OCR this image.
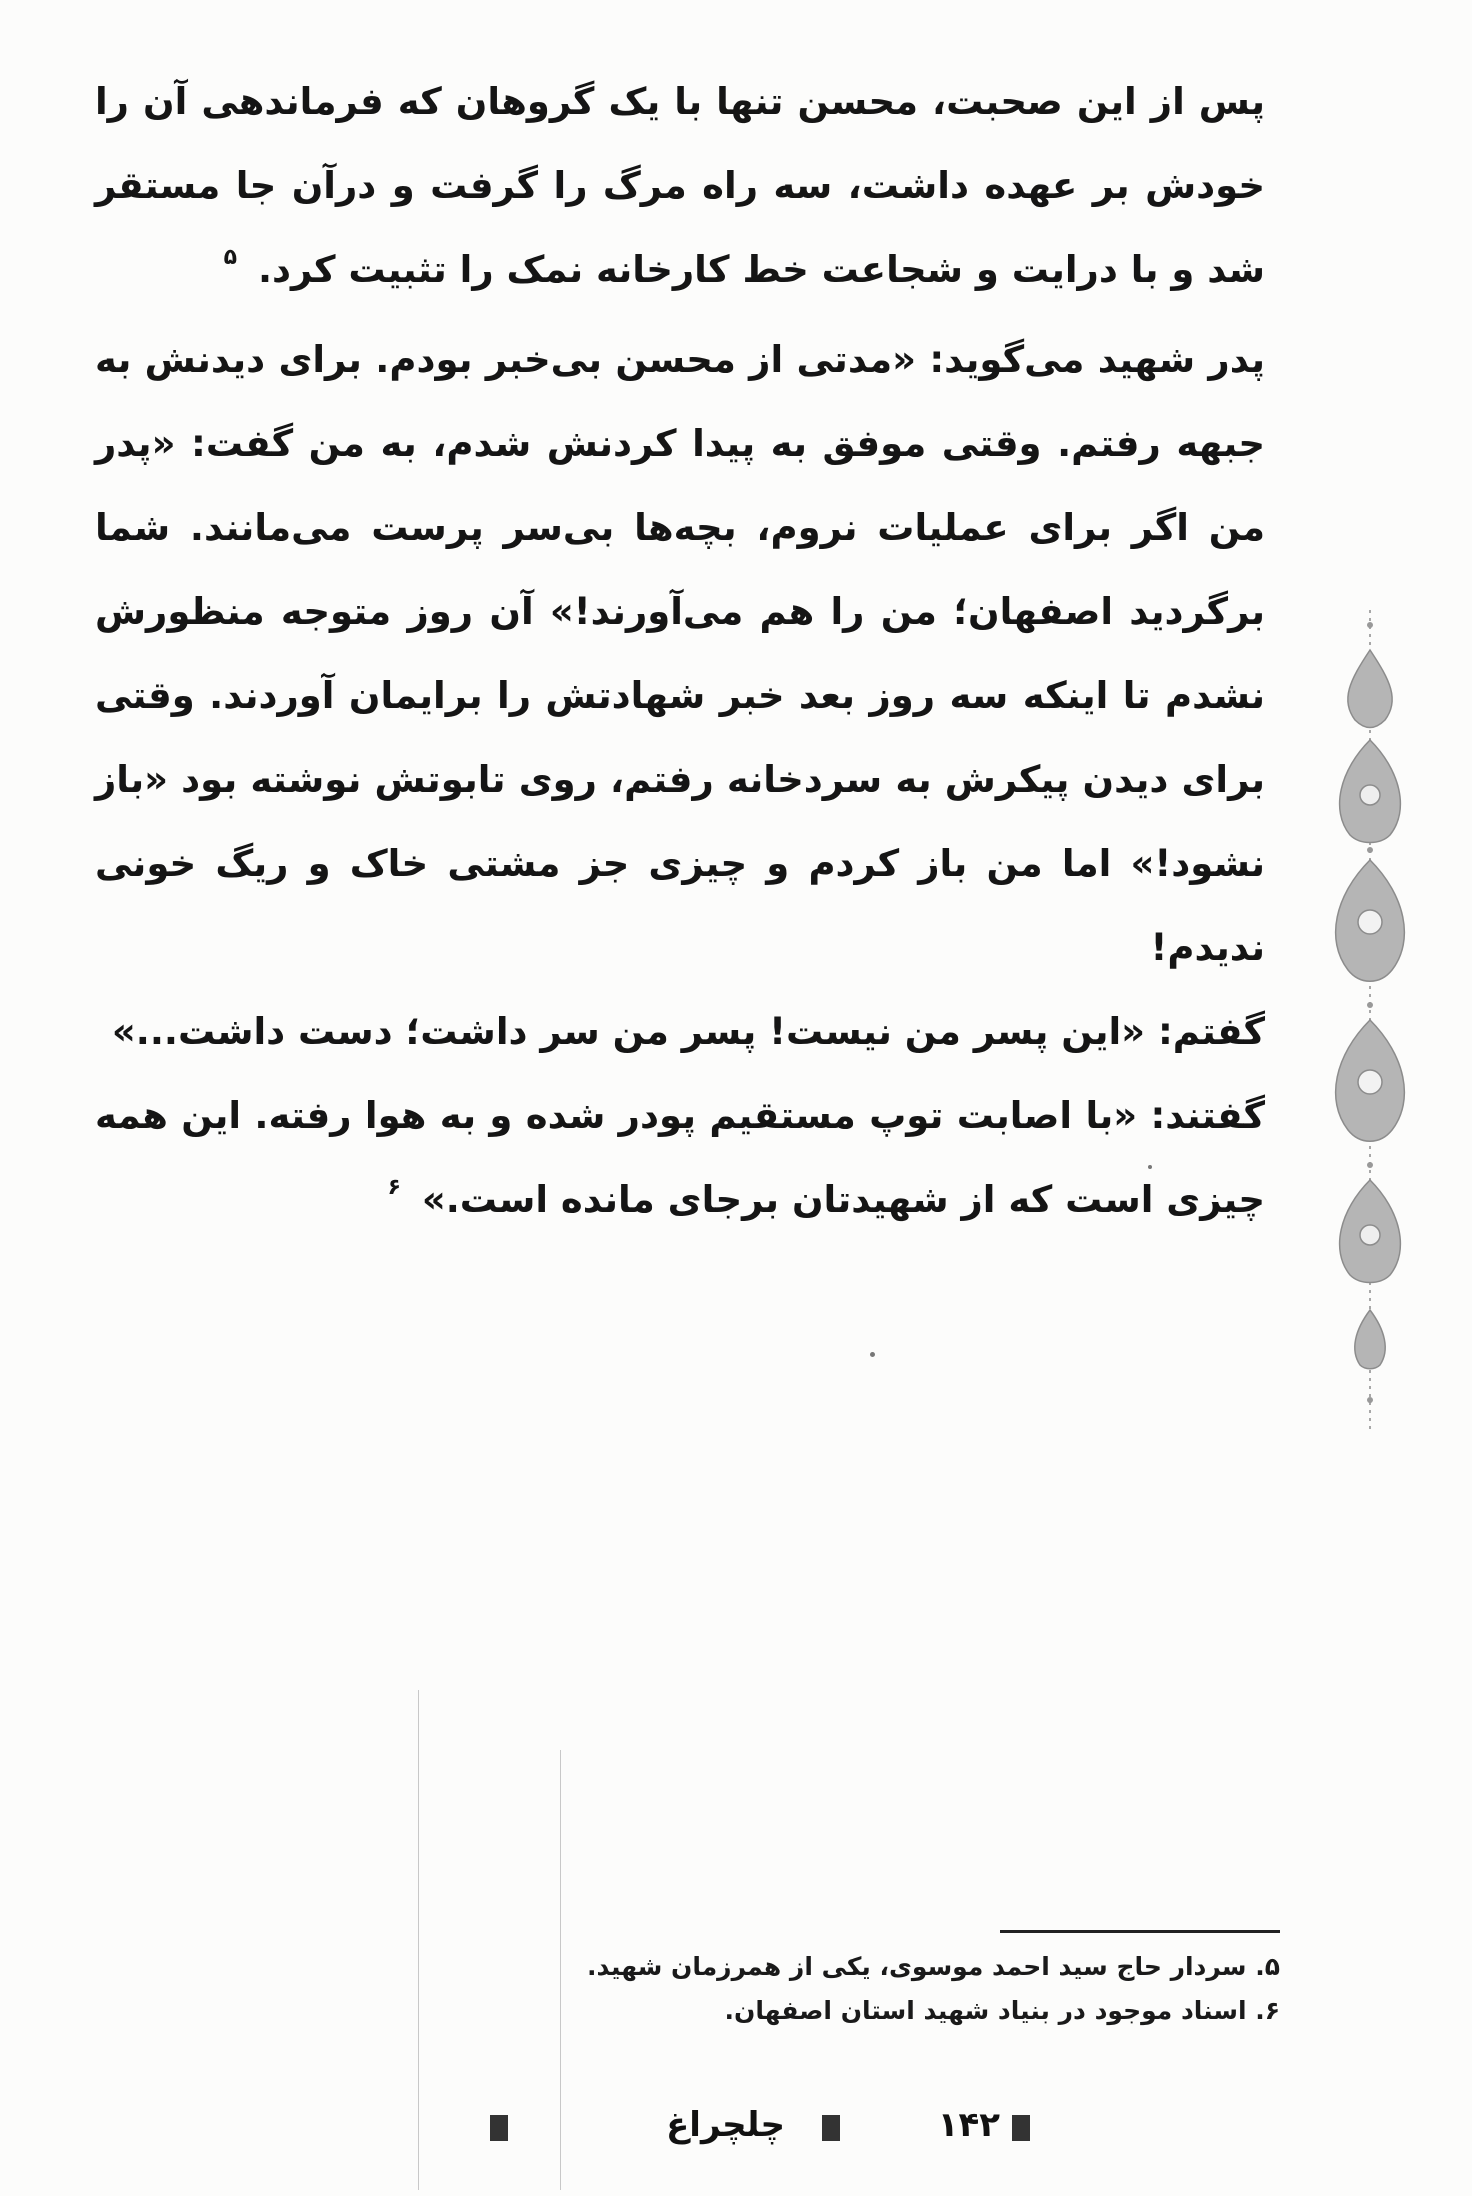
پس از این صحبت، محسن تنها با یک گروهان که فرماندهی آن را خودش بر عهده داشت، سه راه مرگ را گرفت و درآن جا مستقر شد و با درایت و شجاعت خط کارخانه نمک را تثبیت کرد. $^۵$

پدر شهید می‌گوید: «مدتی از محسن بی‌خبر بودم. برای دیدنش به جبهه رفتم. وقتی موفق به پیدا کردنش شدم، به من گفت: «پدر من اگر برای عملیات نروم، بچه‌ها بی‌سر پرست می‌مانند. شما برگردید اصفهان؛ من را هم می‌آورند!» آن روز متوجه منظورش نشدم تا اینکه سه روز بعد خبر شهادتش را برایمان آوردند. وقتی برای دیدن پیکرش به سردخانه رفتم، روی تابوتش نوشته بود «باز نشود!» اما من باز کردم و چیزی جز مشتی خاک و ریگ خونی ندیدم!

گفتم: «این پسر من نیست! پسر من سر داشت؛ دست داشت...»

گفتند: «با اصابت توپ مستقیم پودر شده و به هوا رفته. این همه چیزی است که از شهیدتان برجای مانده است.» $^۶$

۵. سردار حاج سید احمد موسوی، یکی از همرزمان شهید.

۶. اسناد موجود در بنیاد شهید استان اصفهان.

۱۴۲
چلچراغ
